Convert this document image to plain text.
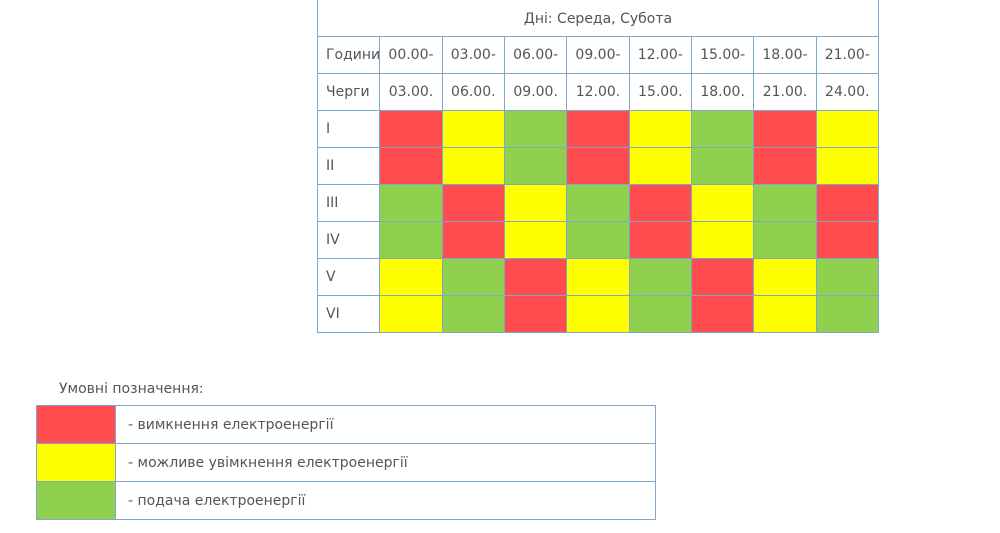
Дні: Середа, Субота								
Години	00.00-	03.00-	06.00-	09.00-	12.00-	15.00-	18.00-	21.00-
Черги	03.00.	06.00.	09.00.	12.00.	15.00.	18.00.	21.00.	24.00.
I								
II								
III								
IV								
V								
VI								
Умовні позначення:
	- вимкнення електроенергії
	- можливе увімкнення електроенергії
	- подача електроенергії
